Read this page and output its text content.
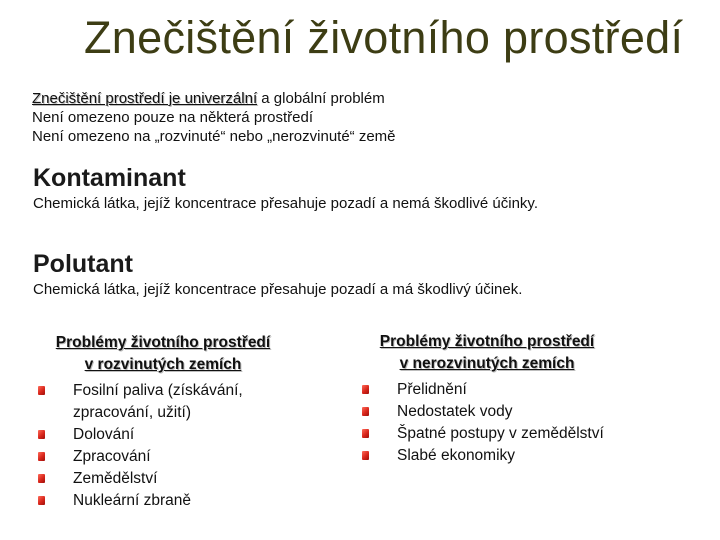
Znečištění životního prostředí
Znečištění prostředí je univerzální a globální problém
Není omezeno pouze na některá prostředí
Není omezeno na „rozvinuté“ nebo „nerozvinuté“ země
Kontaminant
Chemická látka, jejíž koncentrace přesahuje pozadí a nemá škodlivé účinky.
Polutant
Chemická látka, jejíž koncentrace přesahuje pozadí a má škodlivý účinek.
Problémy životního prostředí
v rozvinutých zemích
Fosilní paliva (získávání, zpracování, užití)
Dolování
Zpracování
Zemědělství
Nukleární zbraně
Problémy životního prostředí
v nerozvinutých zemích
Přelidnění
Nedostatek vody
Špatné postupy v zemědělství
Slabé ekonomiky
